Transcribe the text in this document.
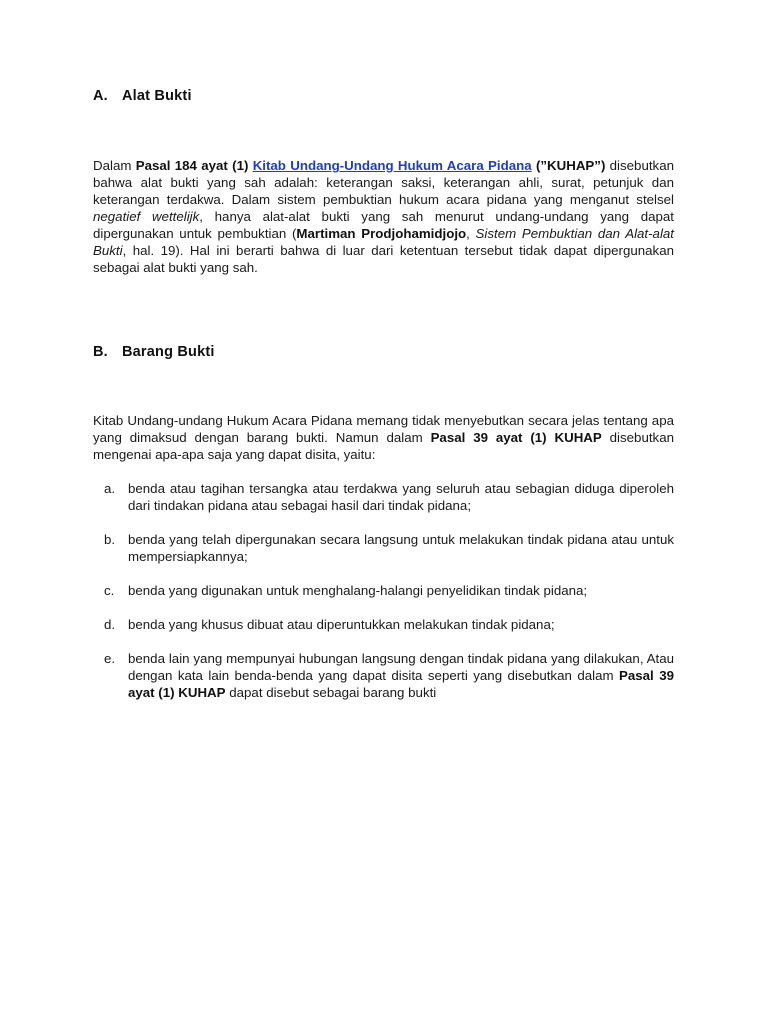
A. Alat Bukti
Dalam Pasal 184 ayat (1) Kitab Undang-Undang Hukum Acara Pidana (”KUHAP”) disebutkan bahwa alat bukti yang sah adalah: keterangan saksi, keterangan ahli, surat, petunjuk dan keterangan terdakwa. Dalam sistem pembuktian hukum acara pidana yang menganut stelsel negatief wettelijk, hanya alat-alat bukti yang sah menurut undang-undang yang dapat dipergunakan untuk pembuktian (Martiman Prodjohamidjojo, Sistem Pembuktian dan Alat-alat Bukti, hal. 19). Hal ini berarti bahwa di luar dari ketentuan tersebut tidak dapat dipergunakan sebagai alat bukti yang sah.
B. Barang Bukti
Kitab Undang-undang Hukum Acara Pidana memang tidak menyebutkan secara jelas tentang apa yang dimaksud dengan barang bukti. Namun dalam Pasal 39 ayat (1) KUHAP disebutkan mengenai apa-apa saja yang dapat disita, yaitu:
a. benda atau tagihan tersangka atau terdakwa yang seluruh atau sebagian diduga diperoleh dari tindakan pidana atau sebagai hasil dari tindak pidana;
b. benda yang telah dipergunakan secara langsung untuk melakukan tindak pidana atau untuk mempersiapkannya;
c. benda yang digunakan untuk menghalang-halangi penyelidikan tindak pidana;
d. benda yang khusus dibuat atau diperuntukkan melakukan tindak pidana;
e. benda lain yang mempunyai hubungan langsung dengan tindak pidana yang dilakukan, Atau dengan kata lain benda-benda yang dapat disita seperti yang disebutkan dalam Pasal 39 ayat (1) KUHAP dapat disebut sebagai barang bukti
